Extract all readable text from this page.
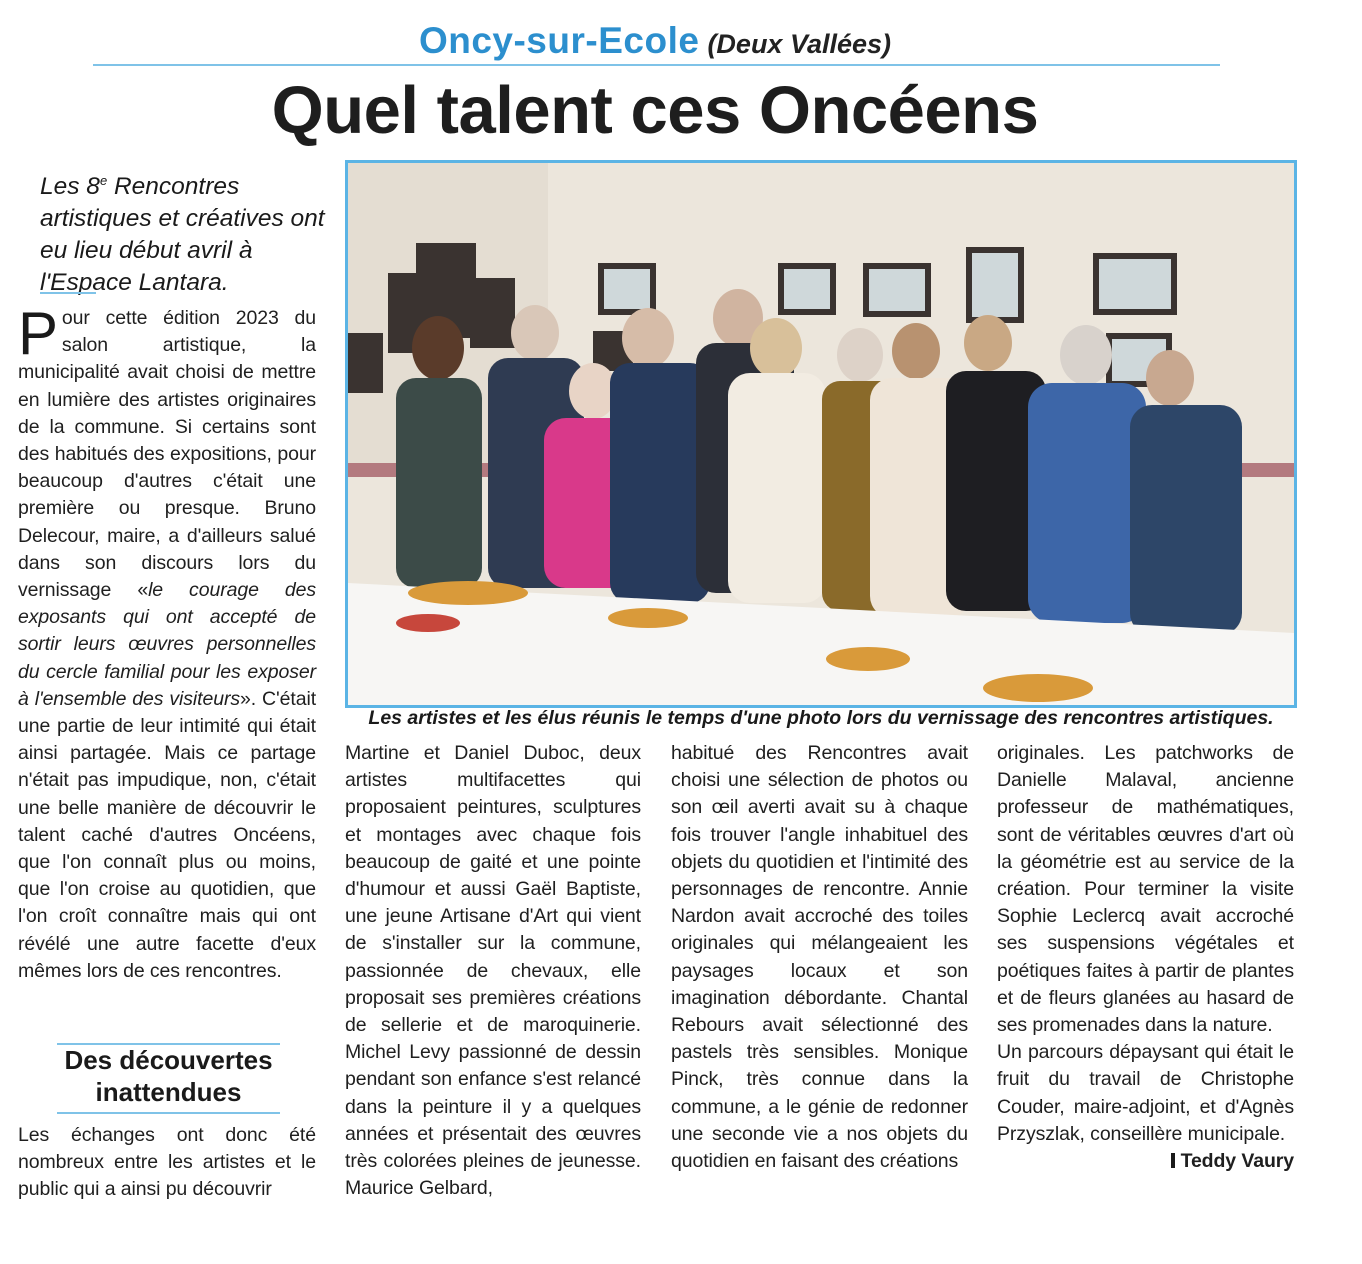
Oncy-sur-Ecole (Deux Vallées)
Quel talent ces Oncéens
Les 8e Rencontres artistiques et créatives ont eu lieu début avril à l'Espace Lantara.

Pour cette édition 2023 du salon artistique, la municipalité avait choisi de mettre en lumière des artistes originaires de la commune. Si certains sont des habitués des expositions, pour beaucoup d'autres c'était une première ou presque. Bruno Delecour, maire, a d'ailleurs salué dans son discours lors du vernissage «le courage des exposants qui ont accepté de sortir leurs œuvres personnelles du cercle familial pour les exposer à l'ensemble des visiteurs». C'était une partie de leur intimité qui était ainsi partagée. Mais ce partage n'était pas impudique, non, c'était une belle manière de découvrir le talent caché d'autres Oncéens, que l'on connaît plus ou moins, que l'on croise au quotidien, que l'on croît connaître mais qui ont révélé une autre facette d'eux mêmes lors de ces rencontres.

Des découvertes inattendues

Les échanges ont donc été nombreux entre les artistes et le public qui a ainsi pu découvrir

Les artistes et les élus réunis le temps d'une photo lors du vernissage des rencontres artistiques.

Martine et Daniel Duboc, deux artistes multifacettes qui proposaient peintures, sculptures et montages avec chaque fois beaucoup de gaité et une pointe d'humour et aussi Gaël Baptiste, une jeune Artisane d'Art qui vient de s'installer sur la commune, passionnée de chevaux, elle proposait ses premières créations de sellerie et de maroquinerie. Michel Levy passionné de dessin pendant son enfance s'est relancé dans la peinture il y a quelques années et présentait des œuvres très colorées pleines de jeunesse. Maurice Gelbard,

habitué des Rencontres avait choisi une sélection de photos ou son œil averti avait su à chaque fois trouver l'angle inhabituel des objets du quotidien et l'intimité des personnages de rencontre. Annie Nardon avait accroché des toiles originales qui mélangeaient les paysages locaux et son imagination débordante. Chantal Rebours avait sélectionné des pastels très sensibles. Monique Pinck, très connue dans la commune, a le génie de redonner une seconde vie a nos objets du quotidien en faisant des créations

originales. Les patchworks de Danielle Malaval, ancienne professeur de mathématiques, sont de véritables œuvres d'art où la géométrie est au service de la création. Pour terminer la visite Sophie Leclercq avait accroché ses suspensions végétales et poétiques faites à partir de plantes et de fleurs glanées au hasard de ses promenades dans la nature.

Un parcours dépaysant qui était le fruit du travail de Christophe Couder, maire-adjoint, et d'Agnès Przyszlak, conseillère municipale.
Teddy Vaury
